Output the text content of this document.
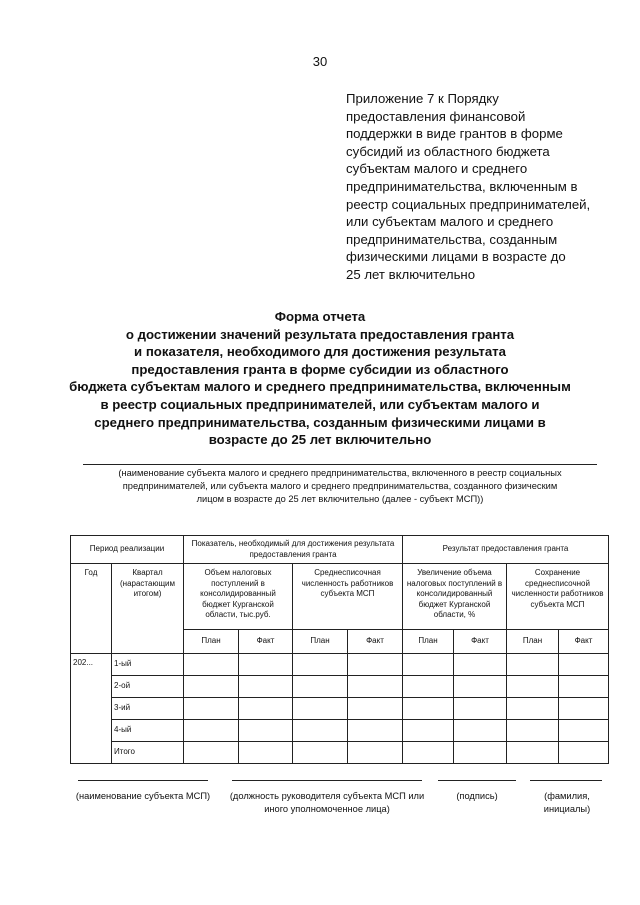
30
Приложение 7 к Порядку
предоставления финансовой
поддержки в виде грантов в форме
субсидий из областного бюджета
субъектам малого и среднего
предпринимательства, включенным в
реестр социальных предпринимателей,
или субъектам малого и среднего
предпринимательства, созданным
физическими лицами в возрасте до
25 лет включительно
Форма отчета
о достижении значений результата предоставления гранта
и показателя, необходимого для достижения результата
предоставления гранта в форме субсидии из областного
бюджета субъектам малого и среднего предпринимательства, включенным
в реестр социальных предпринимателей, или субъектам малого и
среднего предпринимательства, созданным физическими лицами в
возрасте до 25 лет включительно
(наименование субъекта малого и среднего предпринимательства, включенного в реестр социальных
предпринимателей, или субъекта малого и среднего предпринимательства, созданного физическим
лицом в возрасте до 25 лет включительно (далее - субъект МСП))
Период реализации		Показатель, необходимый для достижения результата предоставления гранта				Результат предоставления гранта			
Год	Квартал (нарастающим итогом)	Объем налоговых поступлений в консолидированный бюджет Курганской области, тыс.руб.		Среднесписочная численность работников субъекта МСП		Увеличение объема налоговых поступлений в консолидированный бюджет Курганской области, %		Сохранение среднесписочной численности работников субъекта МСП	
		План	Факт	План	Факт	План	Факт	План	Факт
202...	1-ый								
	2-ой								
	3-ий								
	4-ый								
	Итого								
(наименование субъекта МСП)	(должность руководителя субъекта МСП или иного уполномоченное лица)
(подпись)	(фамилия, инициалы)
